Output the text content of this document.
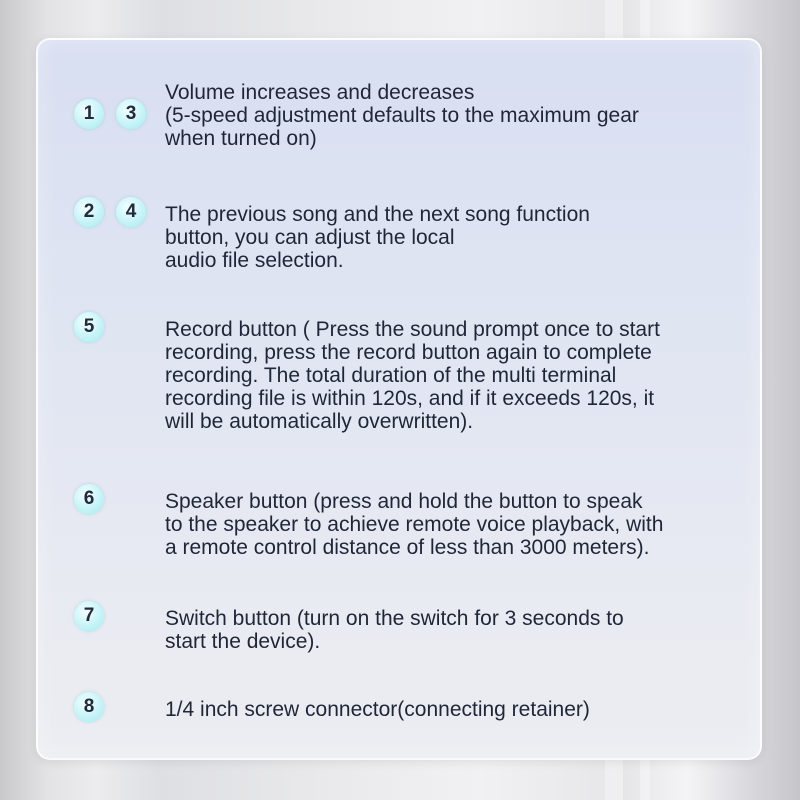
1	3
Volume increases and decreases
(5-speed adjustment defaults to the maximum gear
when turned on)
2	4	The previous song and the next song function
button, you can adjust the local
audio file selection.
5	Record button ( Press the sound prompt once to start
recording, press the record button again to complete
recording. The total duration of the multi terminal
recording file is within 120s, and if it exceeds 120s, it
will be automatically overwritten).
6	Speaker button (press and hold the button to speak
to the speaker to achieve remote voice playback, with
a remote control distance of less than 3000 meters).
7	Switch button (turn on the switch for 3 seconds to
start the device).
8	1/4 inch screw connector(connecting retainer)
